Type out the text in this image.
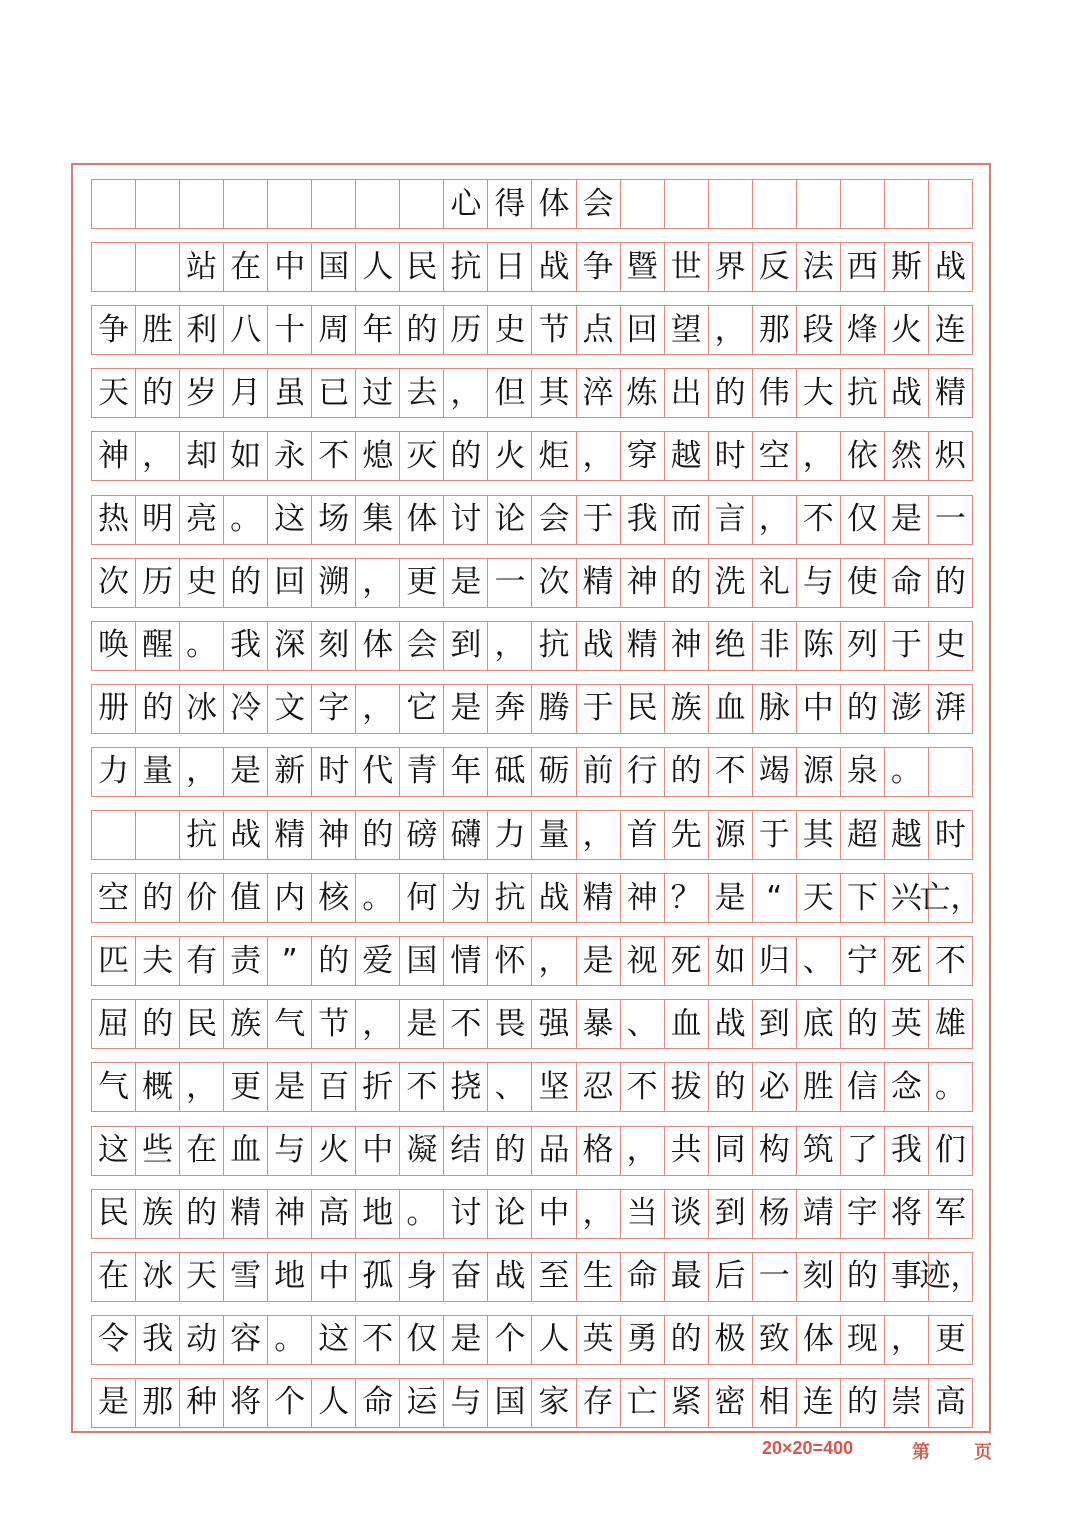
心 得 体 会
站 在 中 国 人 民 抗 日 战 争 暨 世 界 反 法 西 斯 战
争 胜 利 八 十 周 年 的 历 史 节 点 回 望 ， 那 段 烽 火 连
天 的 岁 月 虽 已 过 去 ， 但 其 淬 炼 出 的 伟 大 抗 战 精
神 ， 却 如 永 不 熄 灭 的 火 炬 ， 穿 越 时 空 ， 依 然 炽
热 明 亮 。 这 场 集 体 讨 论 会 于 我 而 言 ， 不 仅 是 一
次 历 史 的 回 溯 ， 更 是 一 次 精 神 的 洗 礼 与 使 命 的
唤 醒 。 我 深 刻 体 会 到 ， 抗 战 精 神 绝 非 陈 列 于 史
册 的 冰 冷 文 字 ， 它 是 奔 腾 于 民 族 血 脉 中 的 澎 湃
力 量 ， 是 新 时 代 青 年 砥 砺 前 行 的 不 竭 源 泉 。
抗 战 精 神 的 磅 礴 力 量 ， 首 先 源 于 其 超 越 时
空 的 价 值 内 核 。 何 为 抗 战 精 神 ？ 是 “ 天 下 兴
亡，
匹 夫 有 责 ” 的 爱 国 情 怀 ， 是 视 死 如 归 、 宁 死 不
屈 的 民 族 气 节 ， 是 不 畏 强 暴 、 血 战 到 底 的 英 雄
气 概 ， 更 是 百 折 不 挠 、 坚 忍 不 拔 的 必 胜 信 念 。
这 些 在 血 与 火 中 凝 结 的 品 格 ， 共 同 构 筑 了 我 们
民 族 的 精 神 高 地 。 讨 论 中 ， 当 谈 到 杨 靖 宇 将 军
在 冰 天 雪 地 中 孤 身 奋 战 至 生 命 最 后 一 刻 的 事
迹，
令 我 动 容 。 这 不 仅 是 个 人 英 勇 的 极 致 体 现 ， 更
是 那 种 将 个 人 命 运 与 国 家 存 亡 紧 密 相 连 的 崇 高
20×20=400	第 页
